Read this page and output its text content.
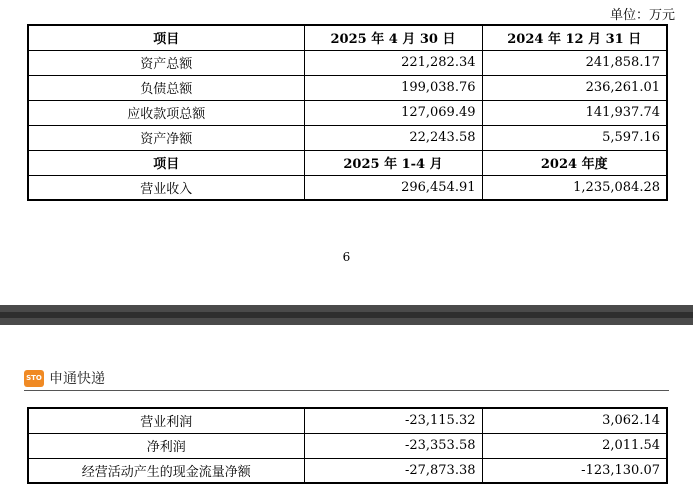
单位：万元
项目	2025 年 4 月 30 日	2024 年 12 月 31 日
资产总额	221,282.34	241,858.17
负债总额	199,038.76	236,261.01
应收款项总额	127,069.49	141,937.74
资产净额	22,243.58	5,597.16
项目	2025 年 1-4 月	2024 年度
营业收入	296,454.91	1,235,084.28
6
STO 申通快递
营业利润	-23,115.32	3,062.14
净利润	-23,353.58	2,011.54
经营活动产生的现金流量净额	-27,873.38	-123,130.07
